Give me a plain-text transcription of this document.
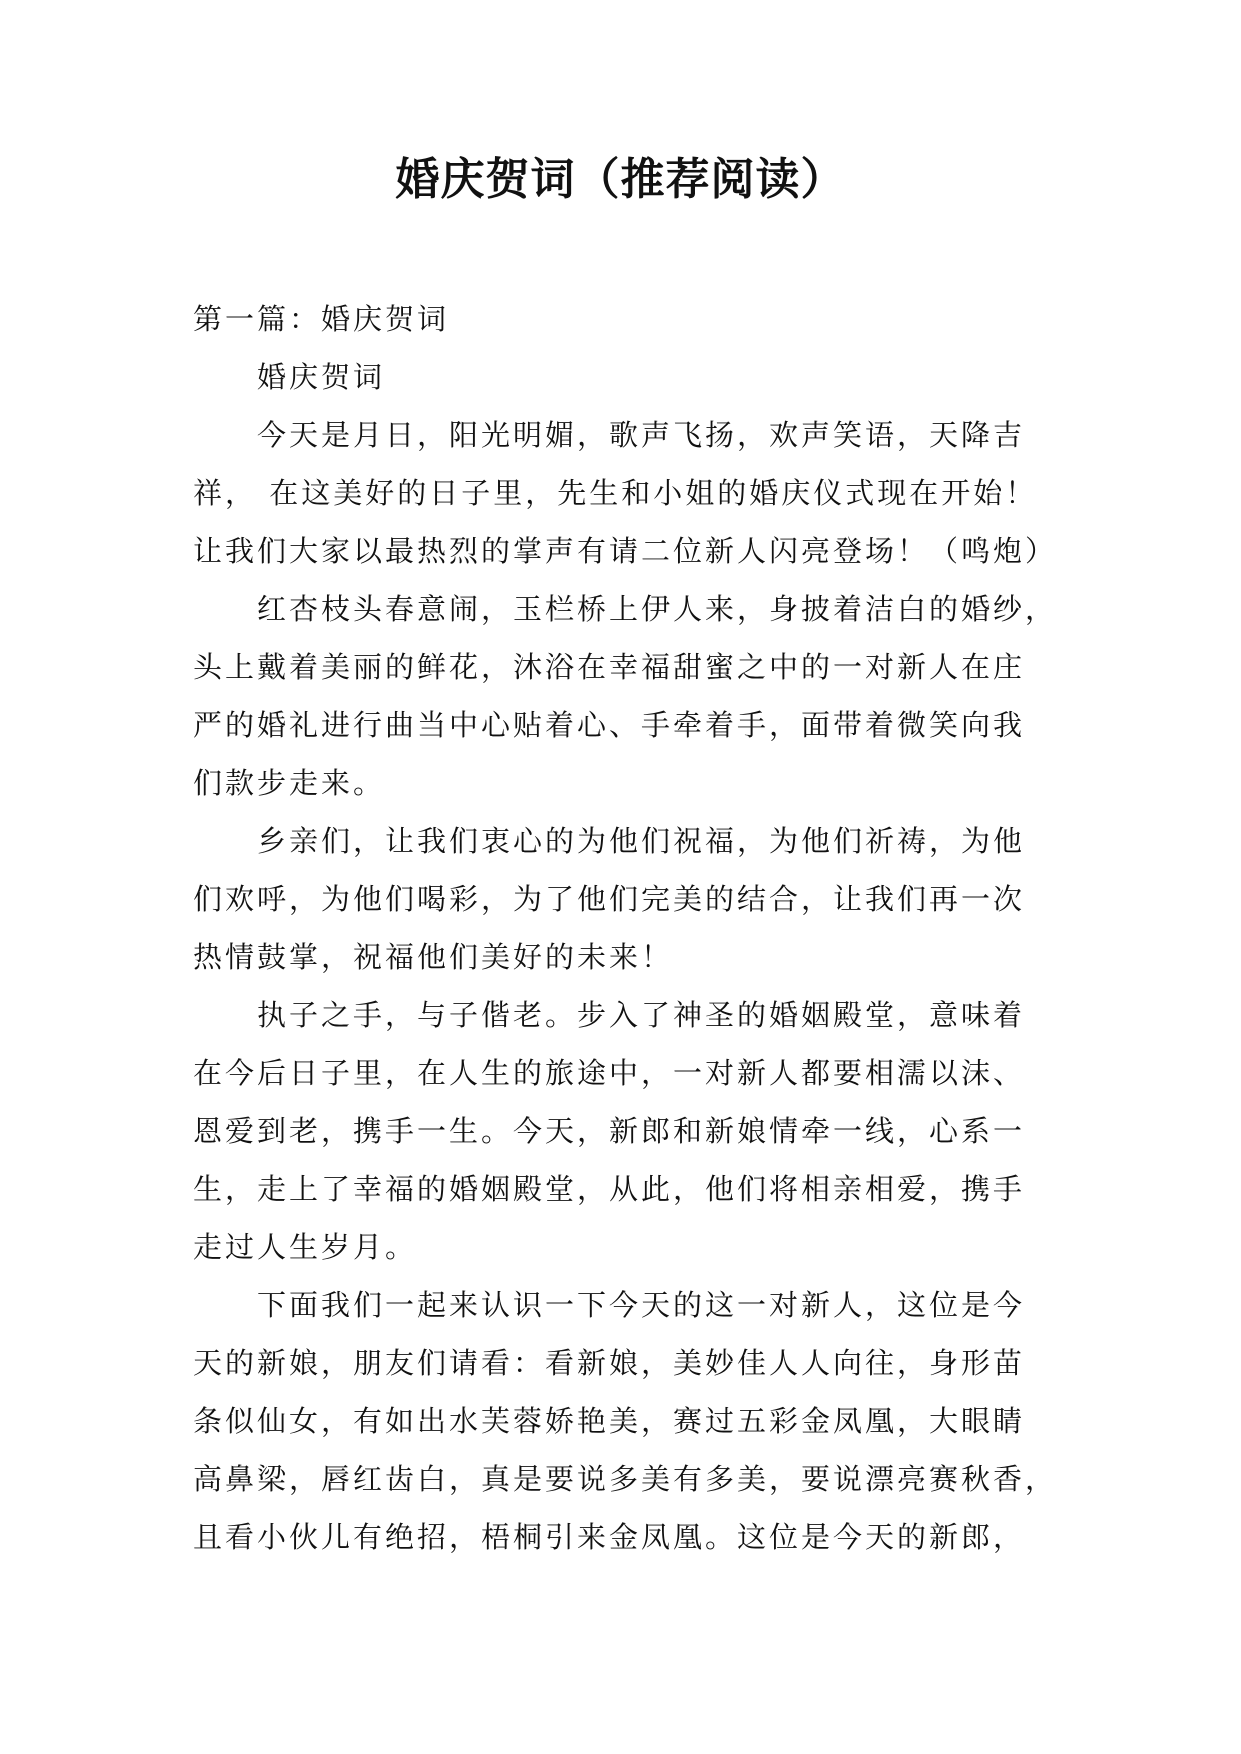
婚庆贺词（推荐阅读）
第一篇：婚庆贺词
婚庆贺词
今天是月日，阳光明媚，歌声飞扬，欢声笑语，天降吉
祥， 在这美好的日子里，先生和小姐的婚庆仪式现在开始！
让我们大家以最热烈的掌声有请二位新人闪亮登场！（鸣炮）
红杏枝头春意闹，玉栏桥上伊人来，身披着洁白的婚纱，
头上戴着美丽的鲜花，沐浴在幸福甜蜜之中的一对新人在庄
严的婚礼进行曲当中心贴着心、手牵着手，面带着微笑向我
们款步走来。
乡亲们，让我们衷心的为他们祝福，为他们祈祷，为他
们欢呼，为他们喝彩，为了他们完美的结合，让我们再一次
热情鼓掌，祝福他们美好的未来！
执子之手，与子偕老。步入了神圣的婚姻殿堂，意味着
在今后日子里，在人生的旅途中，一对新人都要相濡以沫、
恩爱到老，携手一生。今天，新郎和新娘情牵一线，心系一
生，走上了幸福的婚姻殿堂，从此，他们将相亲相爱，携手
走过人生岁月。
下面我们一起来认识一下今天的这一对新人，这位是今
天的新娘，朋友们请看：看新娘，美妙佳人人向往，身形苗
条似仙女，有如出水芙蓉娇艳美，赛过五彩金凤凰，大眼睛
高鼻梁，唇红齿白，真是要说多美有多美，要说漂亮赛秋香，
且看小伙儿有绝招，梧桐引来金凤凰。这位是今天的新郎，
